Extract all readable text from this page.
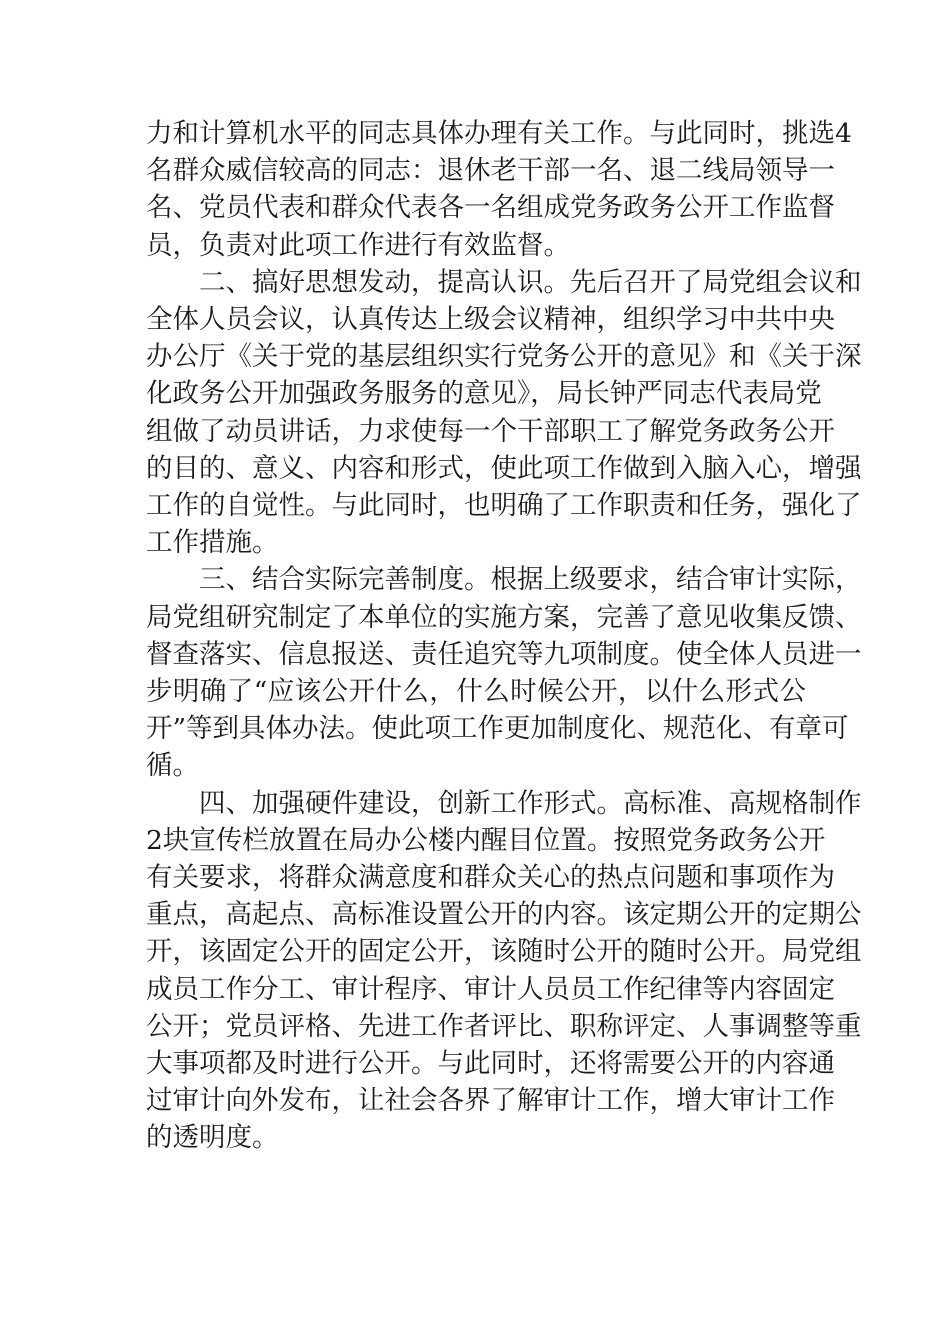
力和计算机水平的同志具体办理有关工作。与此同时，挑选4
名群众威信较高的同志：退休老干部一名、退二线局领导一
名、党员代表和群众代表各一名组成党务政务公开工作监督
员，负责对此项工作进行有效监督。
二、搞好思想发动，提高认识。先后召开了局党组会议和
全体人员会议，认真传达上级会议精神，组织学习中共中央
办公厅《关于党的基层组织实行党务公开的意见》和《关于深
化政务公开加强政务服务的意见》，局长钟严同志代表局党
组做了动员讲话，力求使每一个干部职工了解党务政务公开
的目的、意义、内容和形式，使此项工作做到入脑入心，增强
工作的自觉性。与此同时，也明确了工作职责和任务，强化了
工作措施。
三、结合实际完善制度。根据上级要求，结合审计实际，
局党组研究制定了本单位的实施方案，完善了意见收集反馈、
督查落实、信息报送、责任追究等九项制度。使全体人员进一
步明确了“应该公开什么，什么时候公开，以什么形式公
开”等到具体办法。使此项工作更加制度化、规范化、有章可
循。
四、加强硬件建设，创新工作形式。高标准、高规格制作
2块宣传栏放置在局办公楼内醒目位置。按照党务政务公开
有关要求，将群众满意度和群众关心的热点问题和事项作为
重点，高起点、高标准设置公开的内容。该定期公开的定期公
开，该固定公开的固定公开，该随时公开的随时公开。局党组
成员工作分工、审计程序、审计人员员工作纪律等内容固定
公开；党员评格、先进工作者评比、职称评定、人事调整等重
大事项都及时进行公开。与此同时，还将需要公开的内容通
过审计向外发布，让社会各界了解审计工作，增大审计工作
的透明度。
